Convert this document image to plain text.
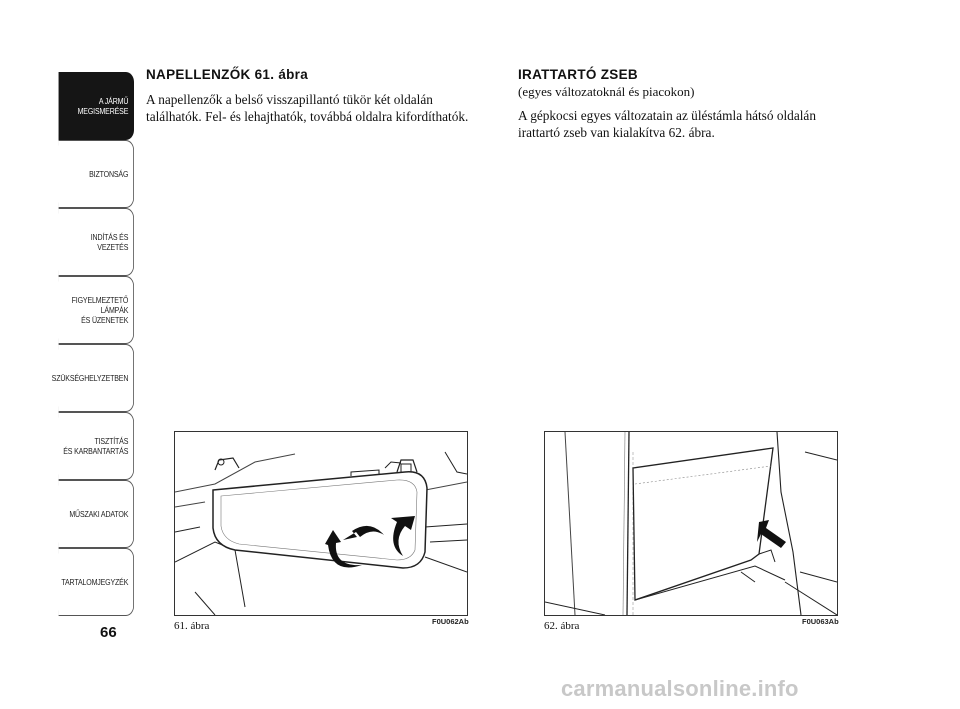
A JÁRMŰ
MEGISMERÉSE
BIZTONSÁG
INDÍTÁS ÉS VEZETÉS
FIGYELMEZTETŐ
LÁMPÁK
ÉS ÜZENETEK
SZÜKSÉGHELYZETBEN
TISZTÍTÁS
ÉS KARBANTARTÁS
MŰSZAKI ADATOK
TARTALOMJEGYZÉK
66

NAPELLENZŐK 61. ábra

A napellenzők a belső visszapillantó tükör két oldalán találhatók. Fel- és lehajthatók, továbbá oldalra kifordíthatók.

IRATTARTÓ ZSEB

(egyes változatoknál és piacokon)

A gépkocsi egyes változatain az üléstámla hátsó oldalán irattartó zseb van kialakítva 62. ábra.

61. ábra	F0U062Ab	62. ábra	F0U063Ab
carmanualsonline.info
